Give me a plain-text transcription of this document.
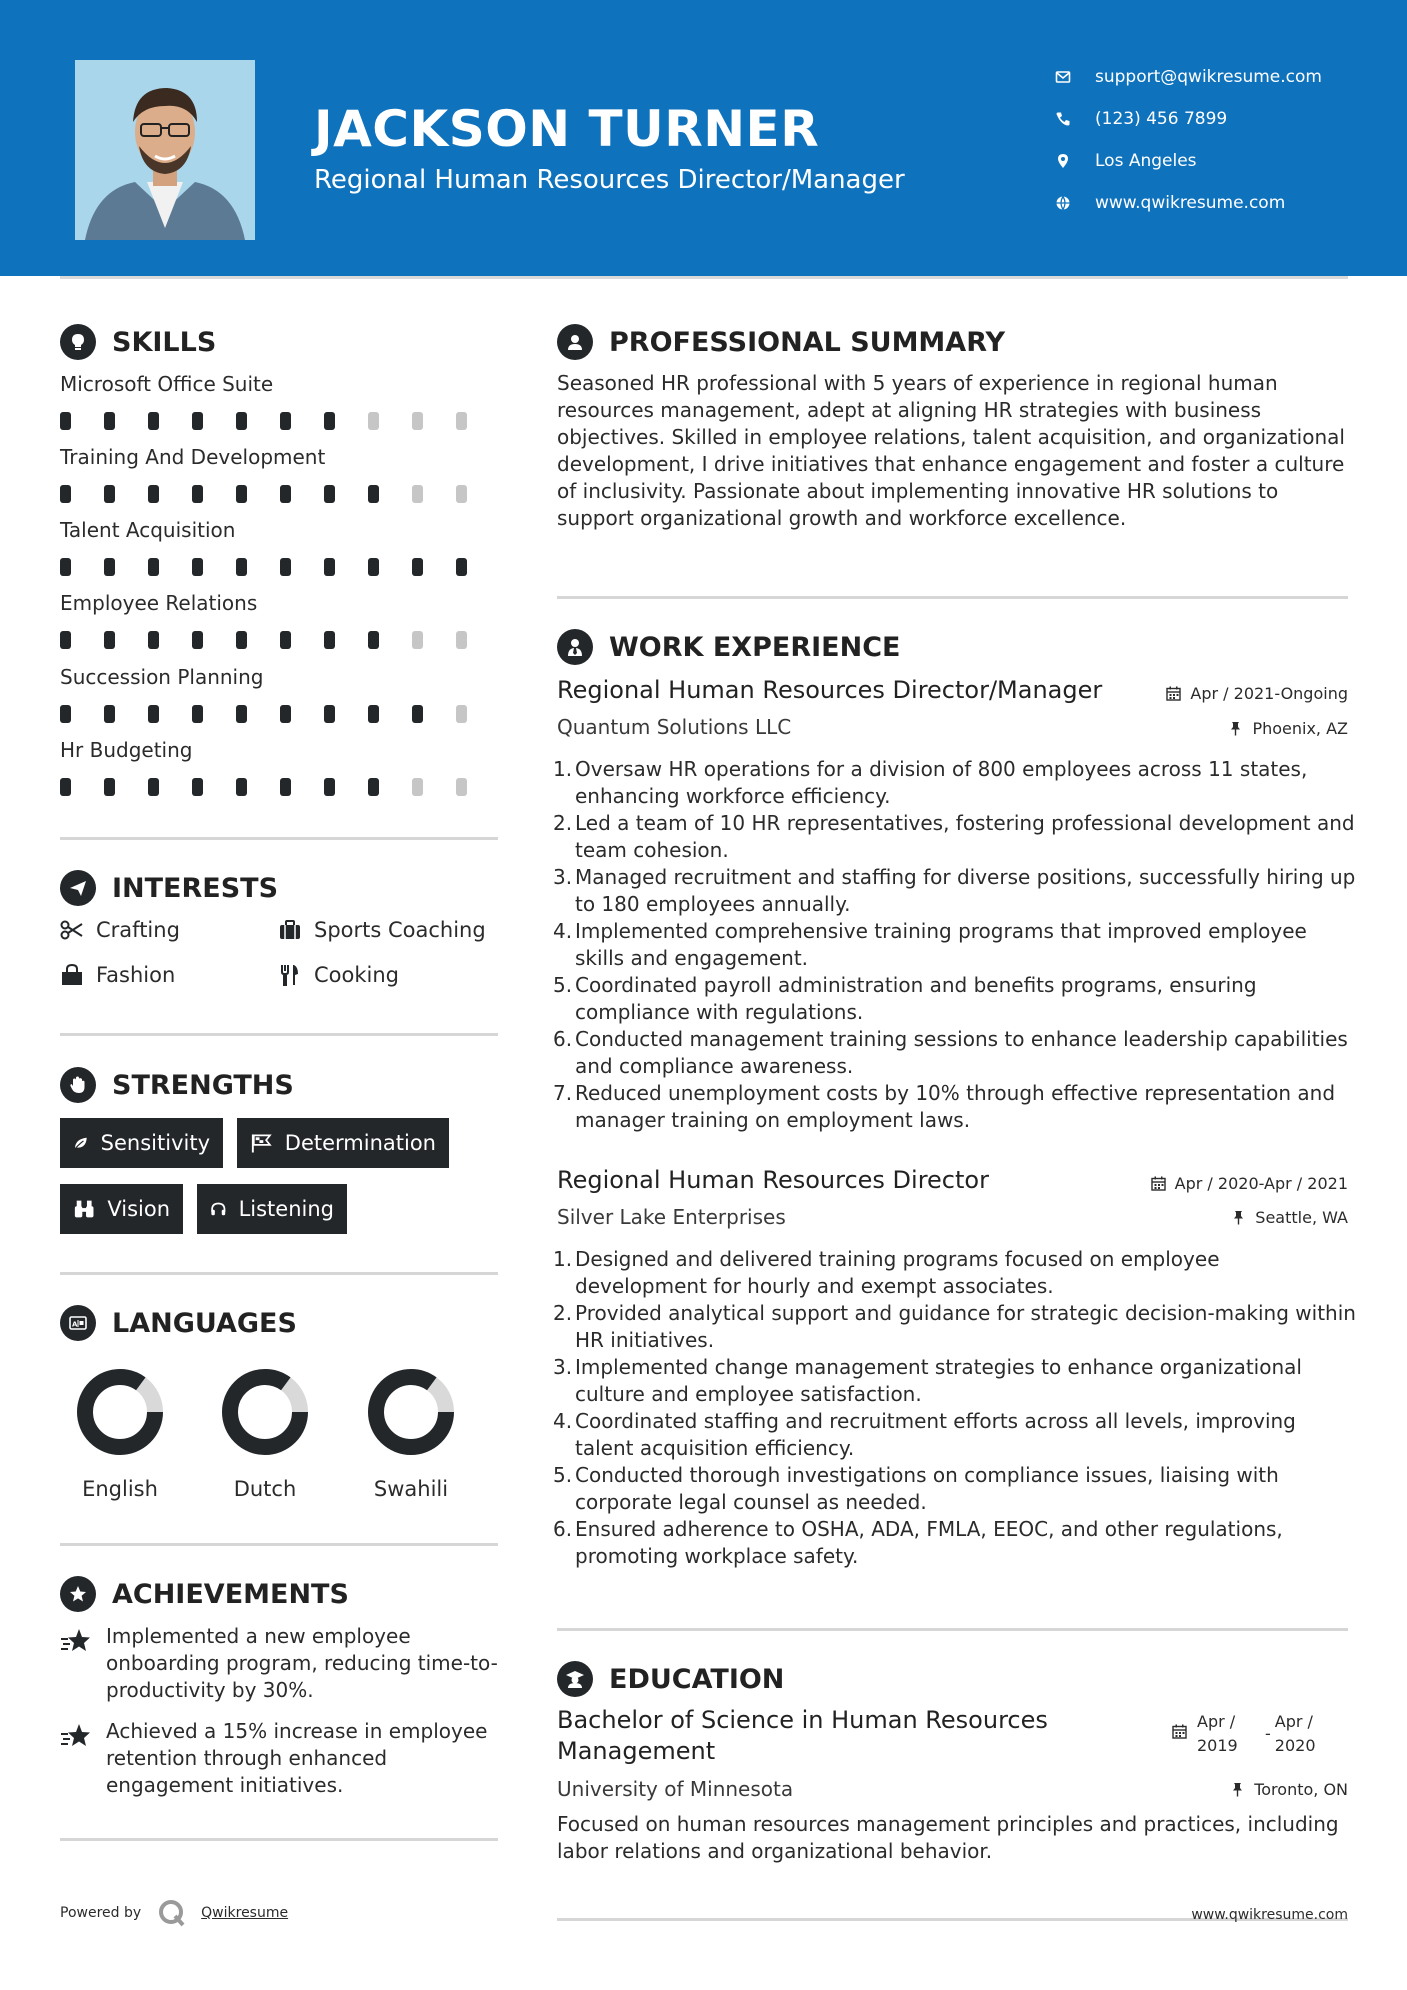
JACKSON TURNER
Regional Human Resources Director/Manager
support@qwikresume.com
(123) 456 7899
Los Angeles
www.qwikresume.com
SKILLS
Microsoft Office Suite
Training And Development
Talent Acquisition
Employee Relations
Succession Planning
Hr Budgeting
INTERESTS
Crafting	Sports Coaching
Fashion	Cooking
STRENGTHS
Sensitivity	Determination
Vision	Listening
A LANGUAGES
English	Dutch	Swahili
ACHIEVEMENTS

Implemented a new employee onboarding program, reducing time-to-productivity by 30%.

Achieved a 15% increase in employee retention through enhanced engagement initiatives.

Powered by	Qwikresume
PROFESSIONAL SUMMARY

Seasoned HR professional with 5 years of experience in regional human resources management, adept at aligning HR strategies with business objectives. Skilled in employee relations, talent acquisition, and organizational development, I drive initiatives that enhance engagement and foster a culture of inclusivity. Passionate about implementing innovative HR solutions to support organizational growth and workforce excellence.

WORK EXPERIENCE
Regional Human Resources Director/Manager	Apr / 2021-Ongoing
Quantum Solutions LLC	Phoenix, AZ
1. Oversaw HR operations for a division of 800 employees across 11 states, enhancing workforce efficiency.
2. Led a team of 10 HR representatives, fostering professional development and team cohesion.
3. Managed recruitment and staffing for diverse positions, successfully hiring up to 180 employees annually.
4. Implemented comprehensive training programs that improved employee skills and engagement.
5. Coordinated payroll administration and benefits programs, ensuring compliance with regulations.
6. Conducted management training sessions to enhance leadership capabilities and compliance awareness.
7. Reduced unemployment costs by 10% through effective representation and manager training on employment laws.
Regional Human Resources Director	Apr / 2020-Apr / 2021
Silver Lake Enterprises	Seattle, WA
1. Designed and delivered training programs focused on employee development for hourly and exempt associates.
2. Provided analytical support and guidance for strategic decision-making within HR initiatives.
3. Implemented change management strategies to enhance organizational culture and employee satisfaction.
4. Coordinated staffing and recruitment efforts across all levels, improving talent acquisition efficiency.
5. Conducted thorough investigations on compliance issues, liaising with corporate legal counsel as needed.
6. Ensured adherence to OSHA, ADA, FMLA, EEOC, and other regulations, promoting workplace safety.
EDUCATION
Bachelor of Science in Human Resources Management
Apr / 2019
-
Apr / 2020
University of Minnesota	Toronto, ON

Focused on human resources management principles and practices, including labor relations and organizational behavior.

www.qwikresume.com
